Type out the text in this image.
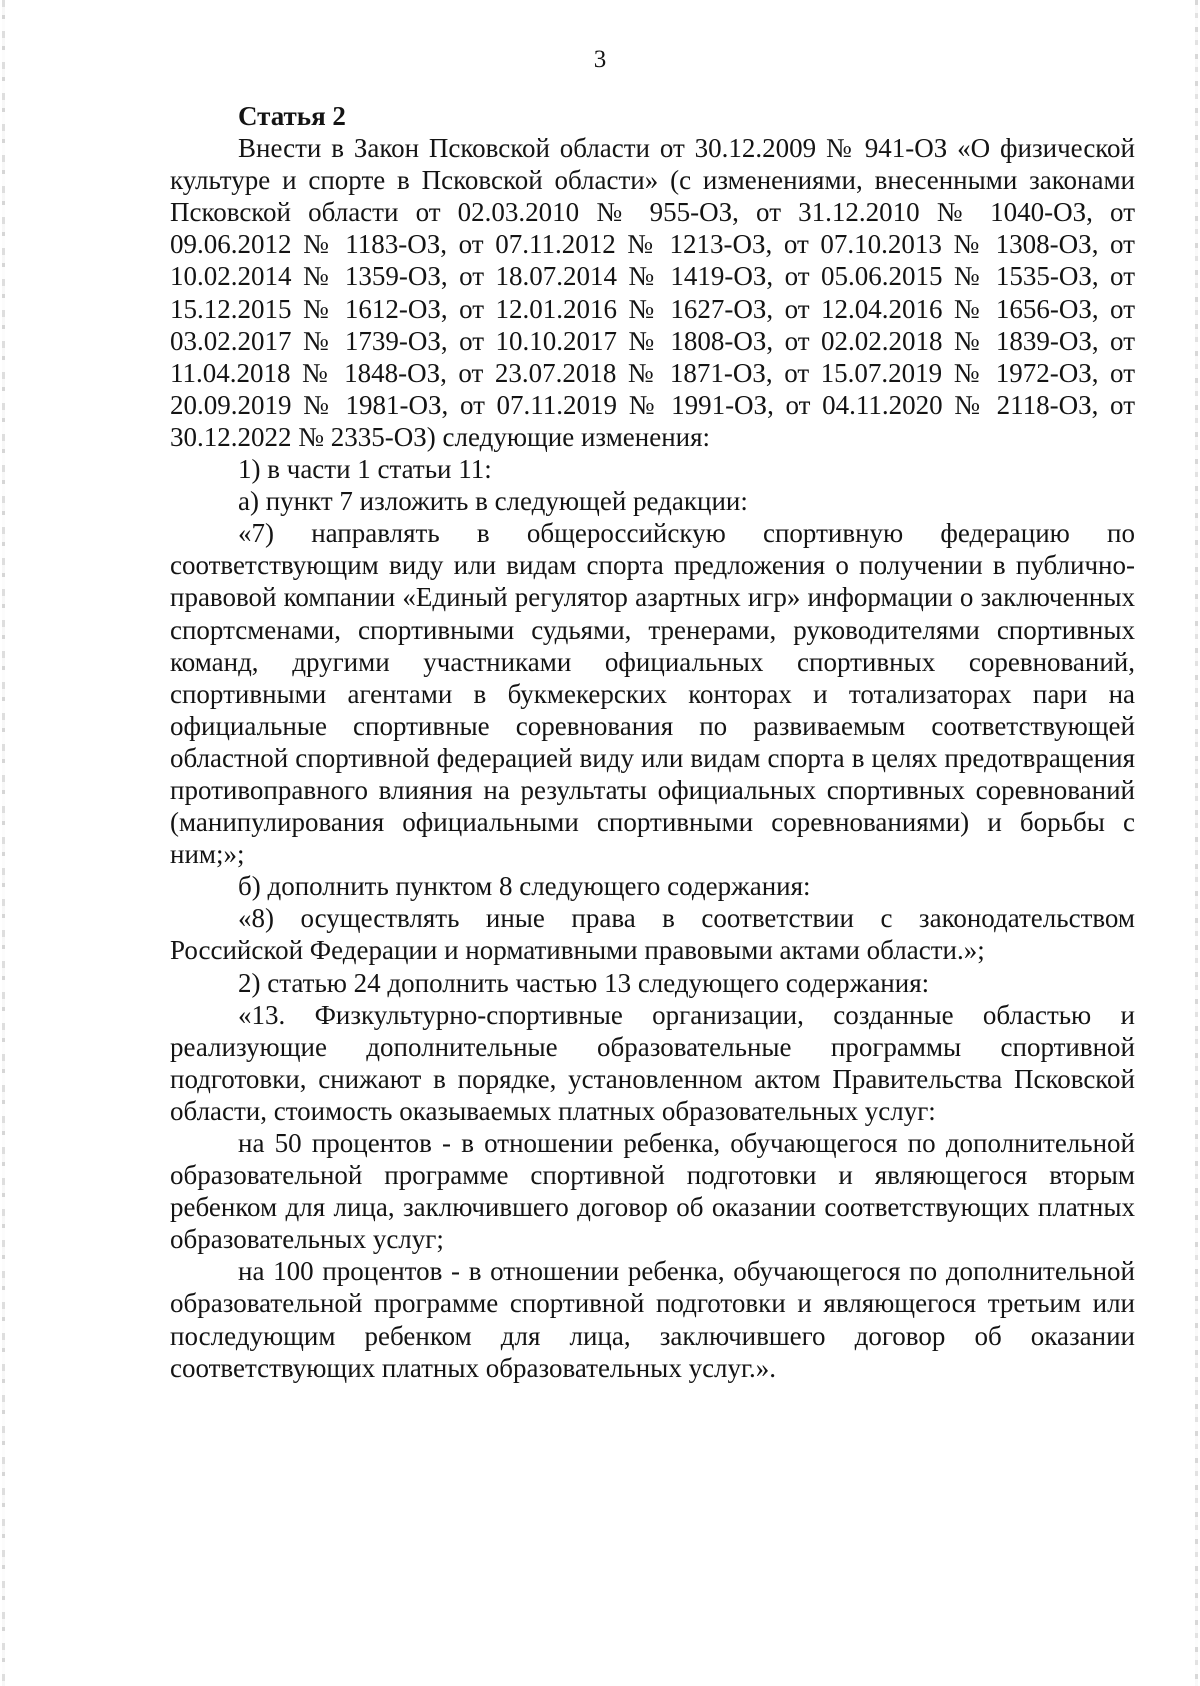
3

Статья 2

Внести в Закон Псковской области от 30.12.2009 № 941-ОЗ «О физической культуре и спорте в Псковской области» (с изменениями, внесенными законами Псковской области от 02.03.2010 № 955-ОЗ, от 31.12.2010 № 1040-ОЗ, от 09.06.2012 № 1183-ОЗ, от 07.11.2012 № 1213-ОЗ, от 07.10.2013 № 1308-ОЗ, от 10.02.2014 № 1359-ОЗ, от 18.07.2014 № 1419-ОЗ, от 05.06.2015 № 1535-ОЗ, от 15.12.2015 № 1612-ОЗ, от 12.01.2016 № 1627-ОЗ, от 12.04.2016 № 1656-ОЗ, от 03.02.2017 № 1739-ОЗ, от 10.10.2017 № 1808-ОЗ, от 02.02.2018 № 1839-ОЗ, от 11.04.2018 № 1848-ОЗ, от 23.07.2018 № 1871-ОЗ, от 15.07.2019 № 1972-ОЗ, от 20.09.2019 № 1981-ОЗ, от 07.11.2019 № 1991-ОЗ, от 04.11.2020 № 2118-ОЗ, от 30.12.2022 № 2335-ОЗ) следующие изменения:

1) в части 1 статьи 11:

а) пункт 7 изложить в следующей редакции:

«7) направлять в общероссийскую спортивную федерацию по соответствующим виду или видам спорта предложения о получении в публично-правовой компании «Единый регулятор азартных игр» информации о заключенных спортсменами, спортивными судьями, тренерами, руководителями спортивных команд, другими участниками официальных спортивных соревнований, спортивными агентами в букмекерских конторах и тотализаторах пари на официальные спортивные соревнования по развиваемым соответствующей областной спортивной федерацией виду или видам спорта в целях предотвращения противоправного влияния на результаты официальных спортивных соревнований (манипулирования официальными спортивными соревнованиями) и борьбы с ним;»;

б) дополнить пунктом 8 следующего содержания:

«8) осуществлять иные права в соответствии с законодательством Российской Федерации и нормативными правовыми актами области.»;

2) статью 24 дополнить частью 13 следующего содержания:

«13. Физкультурно-спортивные организации, созданные областью и реализующие дополнительные образовательные программы спортивной подготовки, снижают в порядке, установленном актом Правительства Псковской области, стоимость оказываемых платных образовательных услуг:

на 50 процентов - в отношении ребенка, обучающегося по дополнительной образовательной программе спортивной подготовки и являющегося вторым ребенком для лица, заключившего договор об оказании соответствующих платных образовательных услуг;

на 100 процентов - в отношении ребенка, обучающегося по дополнительной образовательной программе спортивной подготовки и являющегося третьим или последующим ребенком для лица, заключившего договор об оказании соответствующих платных образовательных услуг.».
